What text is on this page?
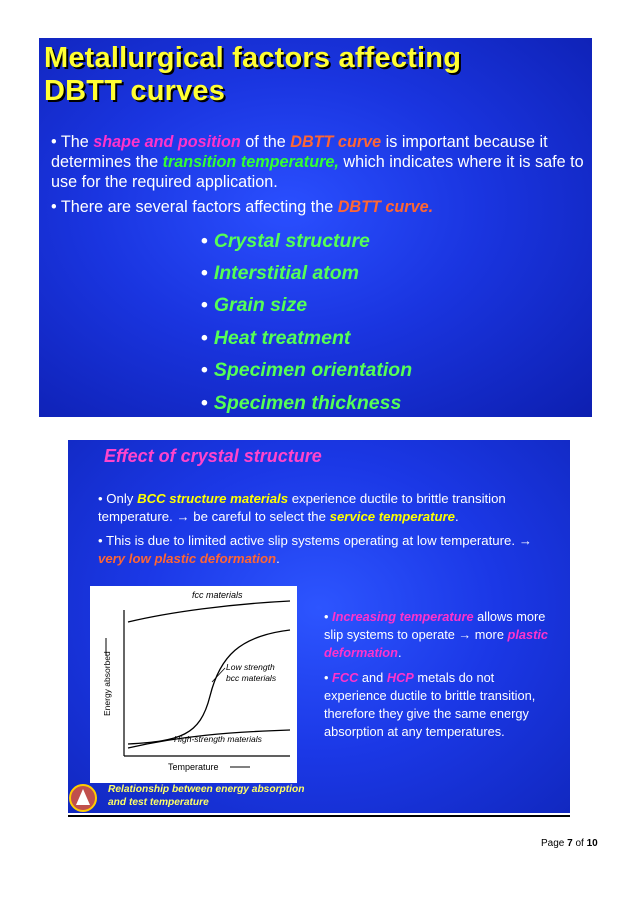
Metallurgical factors affecting
DBTT curves

• The shape and position of the DBTT curve is important because it determines the transition temperature, which indicates where it is safe to use for the required application.

• There are several factors affecting the DBTT curve.

• Crystal structure

• Interstitial atom

• Grain size

• Heat treatment

• Specimen orientation

• Specimen thickness

Effect of crystal structure

• Only BCC structure materials experience ductile to brittle transition temperature. → be careful to select the service temperature.

• This is due to limited active slip systems operating at low temperature. → very low plastic deformation.

fcc materials
Low strength
bcc materials
High-strength materials
Temperature
Energy absorbed

Relationship between energy absorption
and test temperature

• Increasing temperature allows more slip systems to operate → more plastic deformation.

• FCC and HCP metals do not experience ductile to brittle transition, therefore they give the same energy absorption at any temperatures.

Page 7 of 10
